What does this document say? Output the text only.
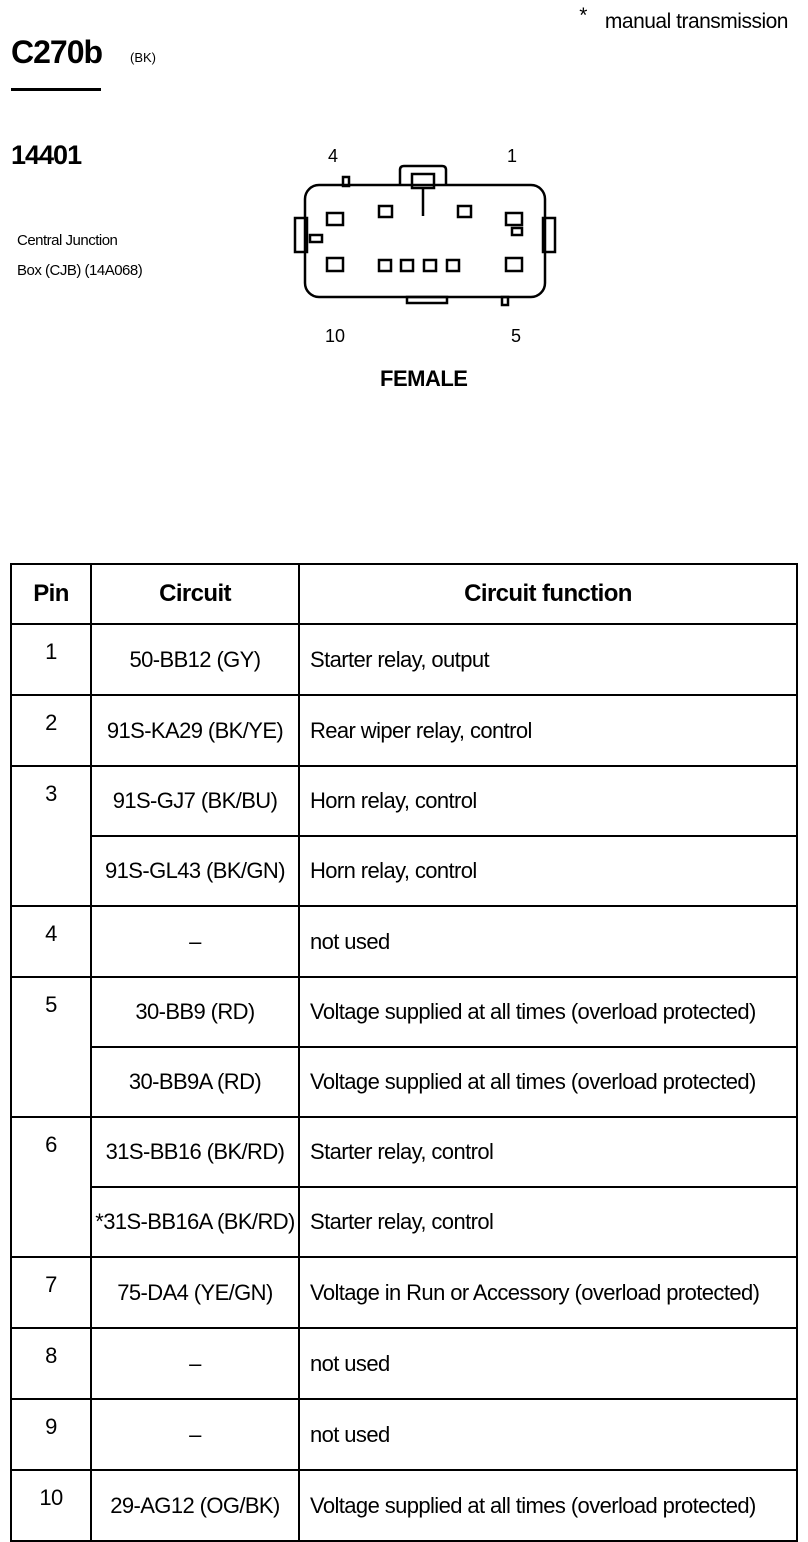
* manual transmission
C270b (BK)
14401
Central Junction
Box (CJB) (14A068)
4	1
10	5
FEMALE
Pin	Circuit	Circuit function
1	50-BB12 (GY)	Starter relay, output
2	91S-KA29 (BK/YE)	Rear wiper relay, control
3	91S-GJ7 (BK/BU)	Horn relay, control
	91S-GL43 (BK/GN)	Horn relay, control
4	–	not used
5	30-BB9 (RD)	Voltage supplied at all times (overload protected)
	30-BB9A (RD)	Voltage supplied at all times (overload protected)
6	31S-BB16 (BK/RD)	Starter relay, control
	*31S-BB16A (BK/RD)	Starter relay, control
7	75-DA4 (YE/GN)	Voltage in Run or Accessory (overload protected)
8	–	not used
9	–	not used
10	29-AG12 (OG/BK)	Voltage supplied at all times (overload protected)
